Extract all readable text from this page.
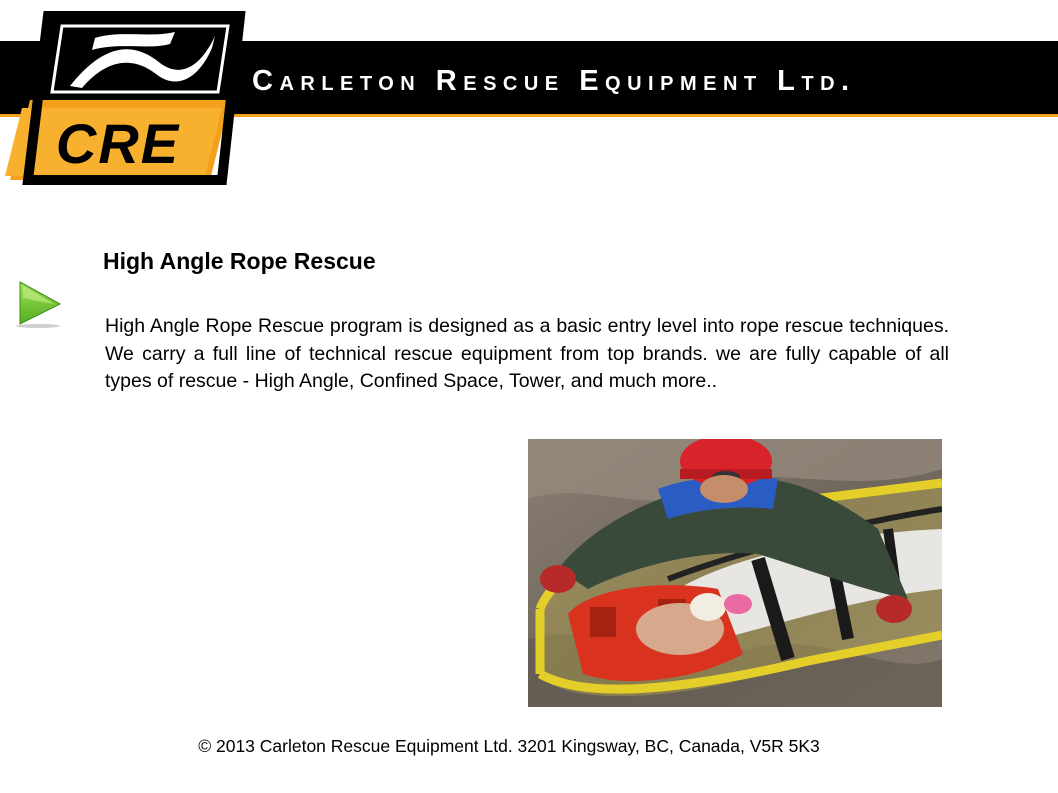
Carleton Rescue Equipment Ltd.
CRE
High Angle Rope Rescue

High Angle Rope Rescue program is designed as a basic entry level into rope rescue techniques. We carry a full line of technical rescue equipment from top brands. we are fully capable of all types of rescue - High Angle, Confined Space, Tower, and much more..

© 2013 Carleton Rescue Equipment Ltd. 3201 Kingsway, BC, Canada, V5R 5K3
